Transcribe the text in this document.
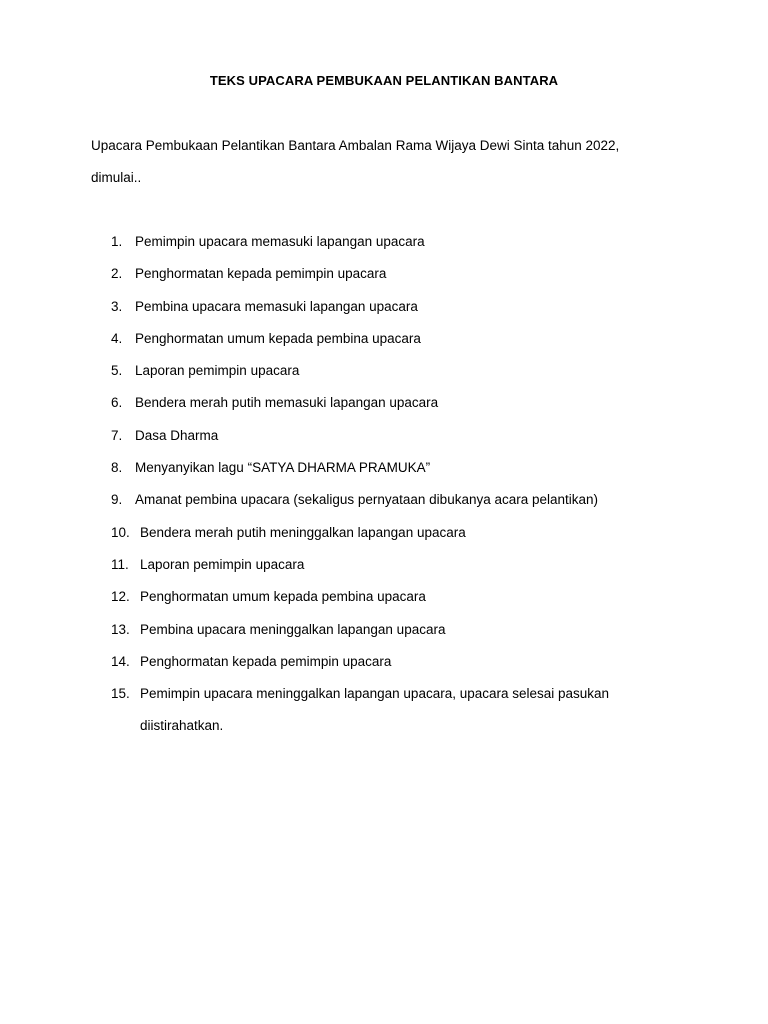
TEKS UPACARA PEMBUKAAN PELANTIKAN BANTARA

Upacara Pembukaan Pelantikan Bantara Ambalan Rama Wijaya Dewi Sinta tahun 2022,

dimulai..

1. Pemimpin upacara memasuki lapangan upacara
2. Penghormatan kepada pemimpin upacara
3. Pembina upacara memasuki lapangan upacara
4. Penghormatan umum kepada pembina upacara
5. Laporan pemimpin upacara
6. Bendera merah putih memasuki lapangan upacara
7. Dasa Dharma
8. Menyanyikan lagu “SATYA DHARMA PRAMUKA”
9. Amanat pembina upacara (sekaligus pernyataan dibukanya acara pelantikan)
10. Bendera merah putih meninggalkan lapangan upacara
11. Laporan pemimpin upacara
12. Penghormatan umum kepada pembina upacara
13. Pembina upacara meninggalkan lapangan upacara
14. Penghormatan kepada pemimpin upacara
15. Pemimpin upacara meninggalkan lapangan upacara, upacara selesai pasukan
diistirahatkan.
